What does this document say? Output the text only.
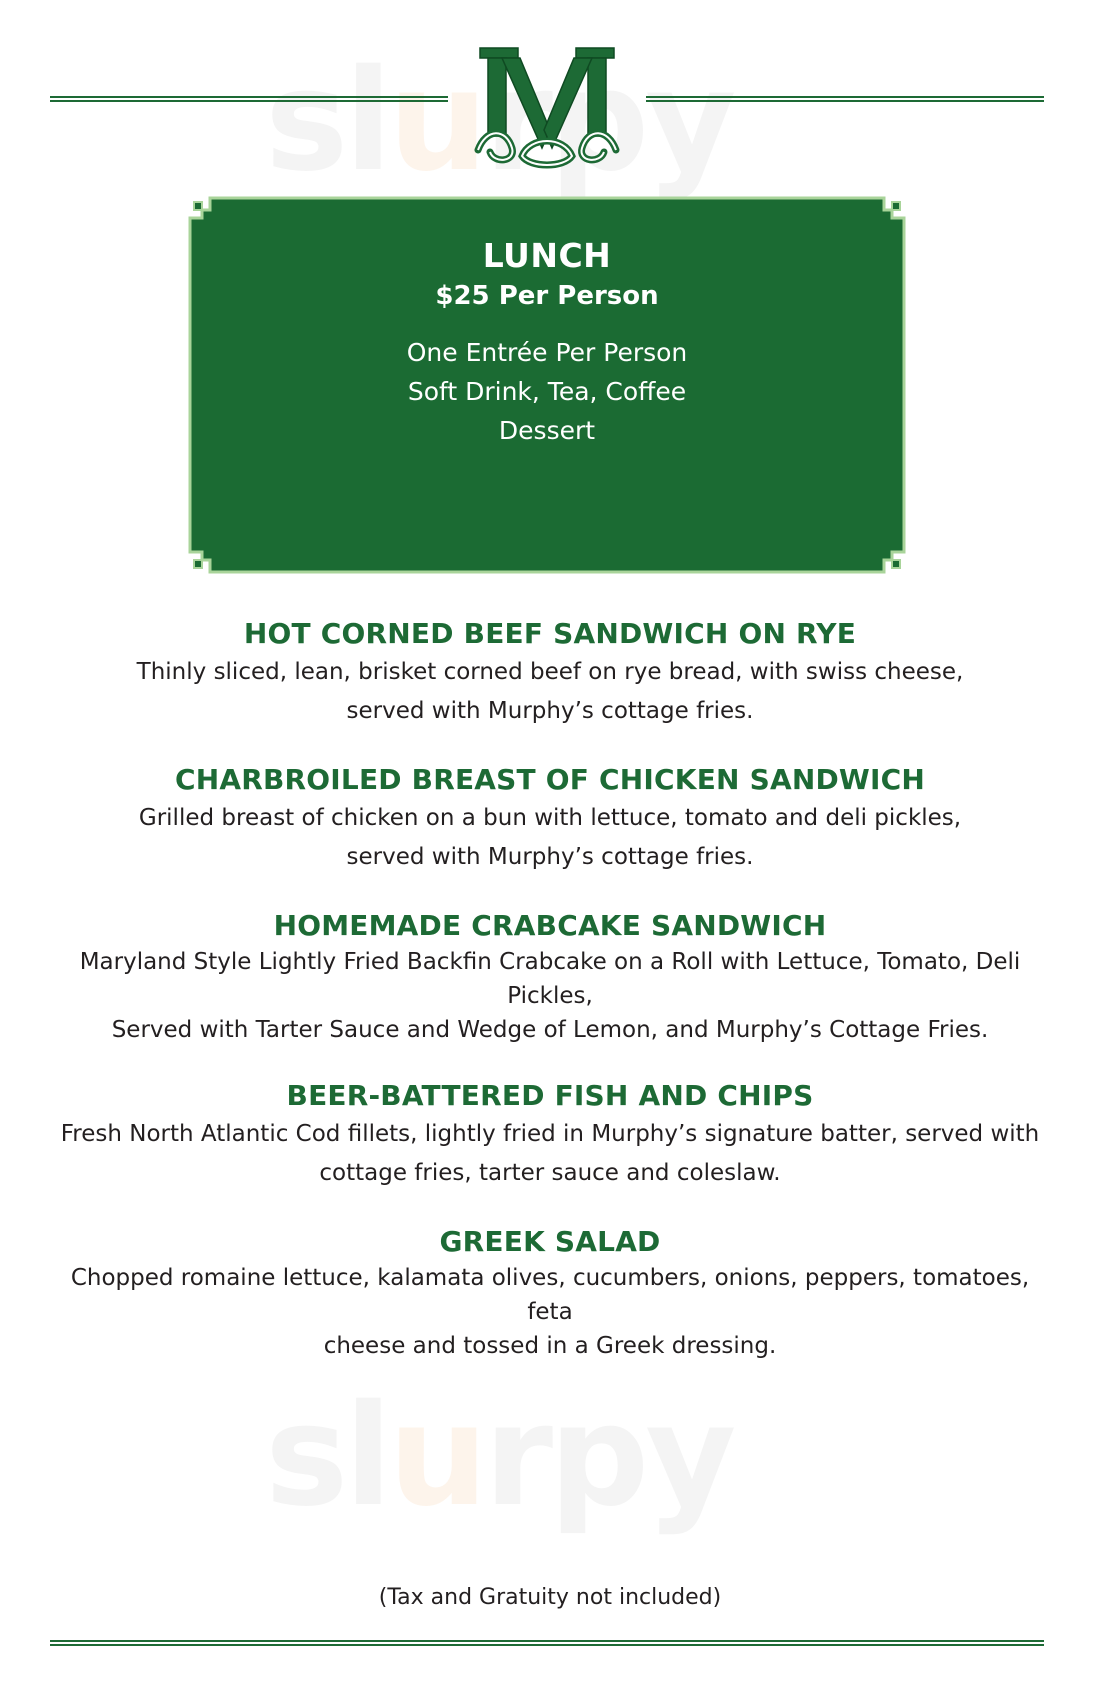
u
u
LUNCH
$25 Per Person
One Entrée Per Person
Soft Drink, Tea, Coffee
Dessert
HOT CORNED BEEF SANDWICH ON RYE
Thinly sliced, lean, brisket corned beef on rye bread, with swiss cheese,
served with Murphy’s cottage fries.
CHARBROILED BREAST OF CHICKEN SANDWICH
Grilled breast of chicken on a bun with lettuce, tomato and deli pickles,
served with Murphy’s cottage fries.
HOMEMADE CRABCAKE SANDWICH
Maryland Style Lightly Fried Backfin Crabcake on a Roll with Lettuce, Tomato, Deli Pickles,
Served with Tarter Sauce and Wedge of Lemon, and Murphy’s Cottage Fries.
BEER-BATTERED FISH AND CHIPS
Fresh North Atlantic Cod fillets, lightly fried in Murphy’s signature batter, served with
cottage fries, tarter sauce and coleslaw.
GREEK SALAD
Chopped romaine lettuce, kalamata olives, cucumbers, onions, peppers, tomatoes, feta
cheese and tossed in a Greek dressing.
(Tax and Gratuity not included)
